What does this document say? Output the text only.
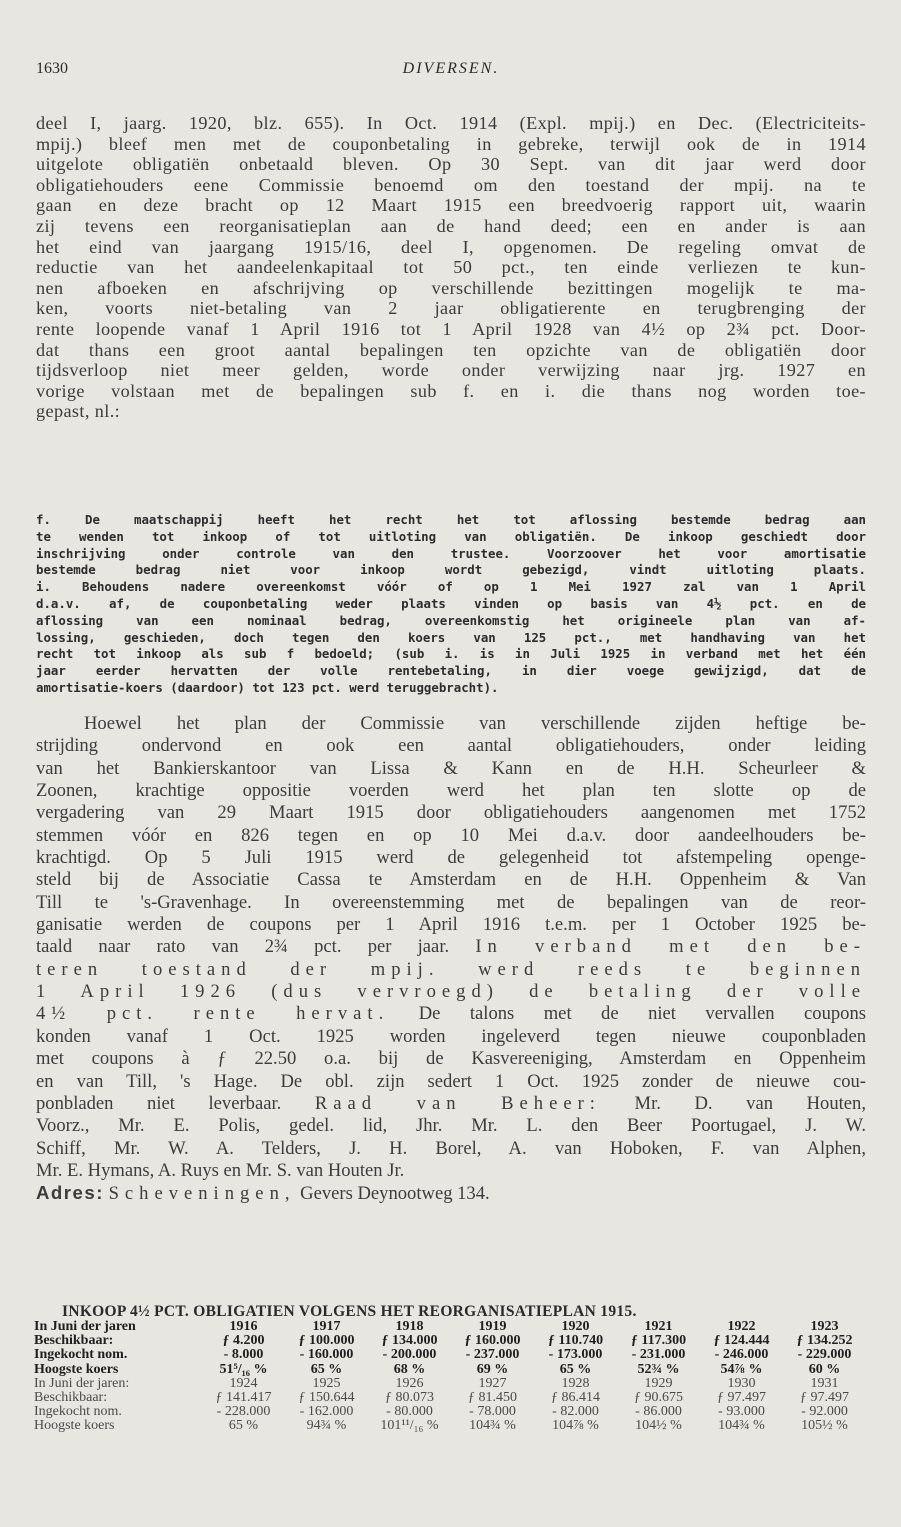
1630	DIVERSEN.
deel I, jaarg. 1920, blz. 655). In Oct. 1914 (Expl. mpij.) en Dec. (Electriciteits-
mpij.) bleef men met de couponbetaling in gebreke, terwijl ook de in 1914
uitgelote obligatiën onbetaald bleven. Op 30 Sept. van dit jaar werd door
obligatiehouders eene Commissie benoemd om den toestand der mpij. na te
gaan en deze bracht op 12 Maart 1915 een breedvoerig rapport uit, waarin
zij tevens een reorganisatieplan aan de hand deed; een en ander is aan
het eind van jaargang 1915/16, deel I, opgenomen. De regeling omvat de
reductie van het aandeelenkapitaal tot 50 pct., ten einde verliezen te kun-
nen afboeken en afschrijving op verschillende bezittingen mogelijk te ma-
ken, voorts niet-betaling van 2 jaar obligatierente en terugbrenging der
rente loopende vanaf 1 April 1916 tot 1 April 1928 van 4½ op 2¾ pct. Door-
dat thans een groot aantal bepalingen ten opzichte van de obligatiën door
tijdsverloop niet meer gelden, worde onder verwijzing naar jrg. 1927 en
vorige volstaan met de bepalingen sub f. en i. die thans nog worden toe-
gepast, nl.:
f. De maatschappij heeft het recht het tot aflossing bestemde bedrag aan
te wenden tot inkoop of tot uitloting van obligatiën. De inkoop geschiedt door
inschrijving onder controle van den trustee. Voorzoover het voor amortisatie
bestemde bedrag niet voor inkoop wordt gebezigd, vindt uitloting plaats.
i. Behoudens nadere overeenkomst vóór of op 1 Mei 1927 zal van 1 April
d.a.v. af, de couponbetaling weder plaats vinden op basis van 4½ pct. en de
aflossing van een nominaal bedrag, overeenkomstig het origineele plan van af-
lossing, geschieden, doch tegen den koers van 125 pct., met handhaving van het
recht tot inkoop als sub f bedoeld; (sub i. is in Juli 1925 in verband met het één
jaar eerder hervatten der volle rentebetaling, in dier voege gewijzigd, dat de
amortisatie-koers (daardoor) tot 123 pct. werd teruggebracht).
Hoewel het plan der Commissie van verschillende zijden heftige be-
strijding ondervond en ook een aantal obligatiehouders, onder leiding
van het Bankierskantoor van Lissa & Kann en de H.H. Scheurleer &
Zoonen, krachtige oppositie voerden werd het plan ten slotte op de
vergadering van 29 Maart 1915 door obligatiehouders aangenomen met 1752
stemmen vóór en 826 tegen en op 10 Mei d.a.v. door aandeelhouders be-
krachtigd. Op 5 Juli 1915 werd de gelegenheid tot afstempeling openge-
steld bij de Associatie Cassa te Amsterdam en de H.H. Oppenheim & Van
Till te 's-Gravenhage. In overeenstemming met de bepalingen van de reor-
ganisatie werden de coupons per 1 April 1916 t.e.m. per 1 October 1925 be-
taald naar rato van 2¾ pct. per jaar. In verband met den be-
teren toestand der mpij. werd reeds te beginnen
1 April 1926 (dus vervroegd) de betaling der volle
4½ pct. rente hervat. De talons met de niet vervallen coupons
konden vanaf 1 Oct. 1925 worden ingeleverd tegen nieuwe couponbladen
met coupons à ƒ 22.50 o.a. bij de Kasvereeniging, Amsterdam en Oppenheim
en van Till, 's Hage. De obl. zijn sedert 1 Oct. 1925 zonder de nieuwe cou-
ponbladen niet leverbaar. Raad van Beheer: Mr. D. van Houten,
Voorz., Mr. E. Polis, gedel. lid, Jhr. Mr. L. den Beer Poortugael, J. W.
Schiff, Mr. W. A. Telders, J. H. Borel, A. van Hoboken, F. van Alphen,
Mr. E. Hymans, A. Ruys en Mr. S. van Houten Jr.
Adres: Scheveningen, Gevers Deynootweg 134.
INKOOP 4½ PCT. OBLIGATIEN VOLGENS HET REORGANISATIEPLAN 1915.
In Juni der jaren	1916	1917	1918	1919	1920	1921	1922	1923
Beschikbaar:	ƒ 4.200	ƒ 100.000	ƒ 134.000	ƒ 160.000	ƒ 110.740	ƒ 117.300	ƒ 124.444	ƒ 134.252
Ingekocht nom.	- 8.000	- 160.000	- 200.000	- 237.000	- 173.000	- 231.000	- 246.000	- 229.000
Hoogste koers	51⁵/₁₆ %	65 %	68 %	69 %	65 %	52¾ %	54⅞ %	60 %
In Juni der jaren:	1924	1925	1926	1927	1928	1929	1930	1931
Beschikbaar:	ƒ 141.417	ƒ 150.644	ƒ 80.073	ƒ 81.450	ƒ 86.414	ƒ 90.675	ƒ 97.497	ƒ 97.497
Ingekocht nom.	- 228.000	- 162.000	- 80.000	- 78.000	- 82.000	- 86.000	- 93.000	- 92.000
Hoogste koers	65 %	94¾ %	101¹¹/₁₆ %	104¾ %	104⅞ %	104½ %	104¾ %	105½ %
